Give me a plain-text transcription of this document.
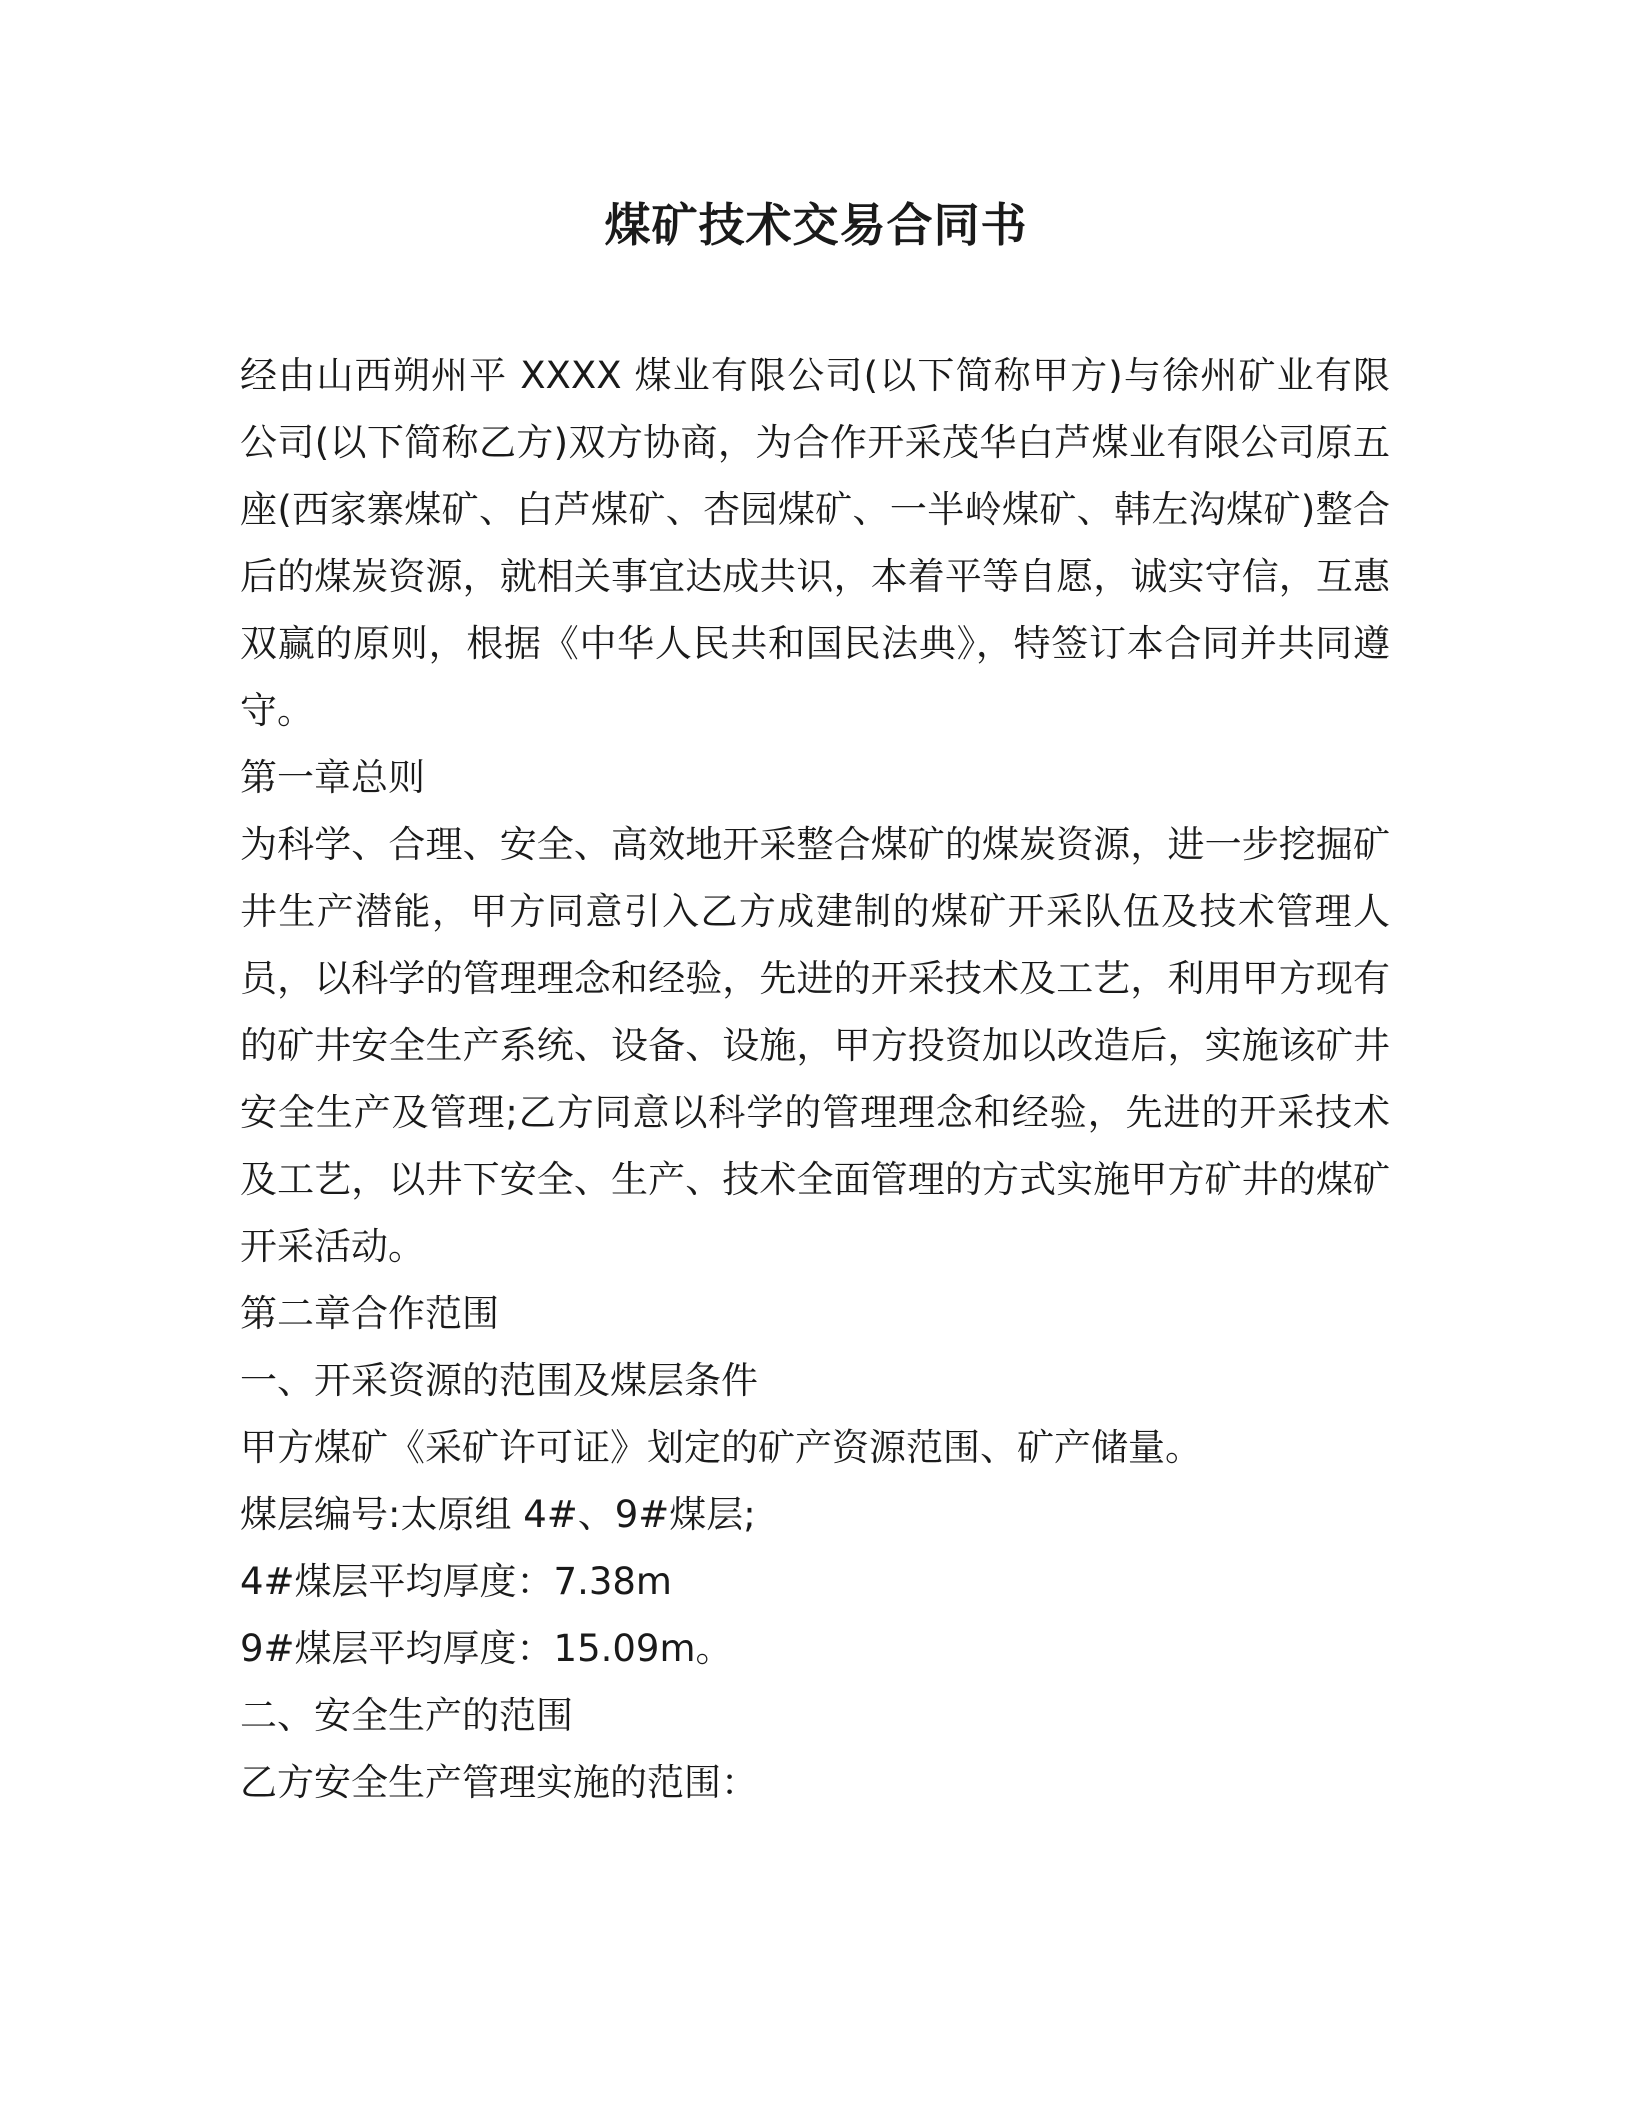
煤矿技术交易合同书

经由山西朔州平 XXXX 煤业有限公司(以下简称甲方)与徐州矿业有限公司(以下简称乙方)双方协商，为合作开采茂华白芦煤业有限公司原五座(西家寨煤矿、白芦煤矿、杏园煤矿、一半岭煤矿、韩左沟煤矿)整合后的煤炭资源，就相关事宜达成共识，本着平等自愿，诚实守信，互惠双赢的原则，根据《中华人民共和国民法典》，特签订本合同并共同遵守。

第一章总则

为科学、合理、安全、高效地开采整合煤矿的煤炭资源，进一步挖掘矿井生产潜能，甲方同意引入乙方成建制的煤矿开采队伍及技术管理人员，以科学的管理理念和经验，先进的开采技术及工艺，利用甲方现有的矿井安全生产系统、设备、设施，甲方投资加以改造后，实施该矿井安全生产及管理;乙方同意以科学的管理理念和经验，先进的开采技术及工艺，以井下安全、生产、技术全面管理的方式实施甲方矿井的煤矿开采活动。

第二章合作范围

一、开采资源的范围及煤层条件

甲方煤矿《采矿许可证》划定的矿产资源范围、矿产储量。

煤层编号:太原组 4#、9#煤层;

4#煤层平均厚度：7.38m

9#煤层平均厚度：15.09m。

二、安全生产的范围

乙方安全生产管理实施的范围：
